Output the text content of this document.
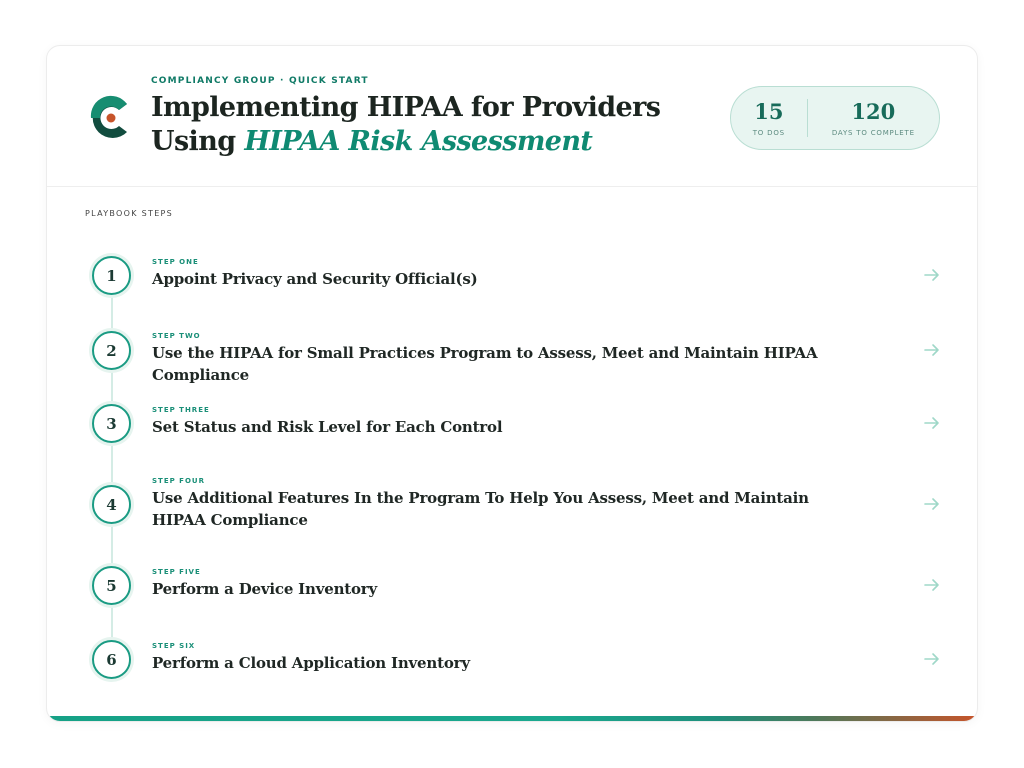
COMPLIANCY GROUP · QUICK START
Implementing HIPAA for Providers
Using HIPAA Risk Assessment
15
TO DOS
120
DAYS TO COMPLETE
PLAYBOOK STEPS
1
STEP ONE
Appoint Privacy and Security Official(s)
2
STEP TWO
Use the HIPAA for Small Practices Program to Assess, Meet and Maintain HIPAA Compliance
3
STEP THREE
Set Status and Risk Level for Each Control
4
STEP FOUR
Use Additional Features In the Program To Help You Assess, Meet and Maintain HIPAA Compliance
5
STEP FIVE
Perform a Device Inventory
6
STEP SIX
Perform a Cloud Application Inventory
